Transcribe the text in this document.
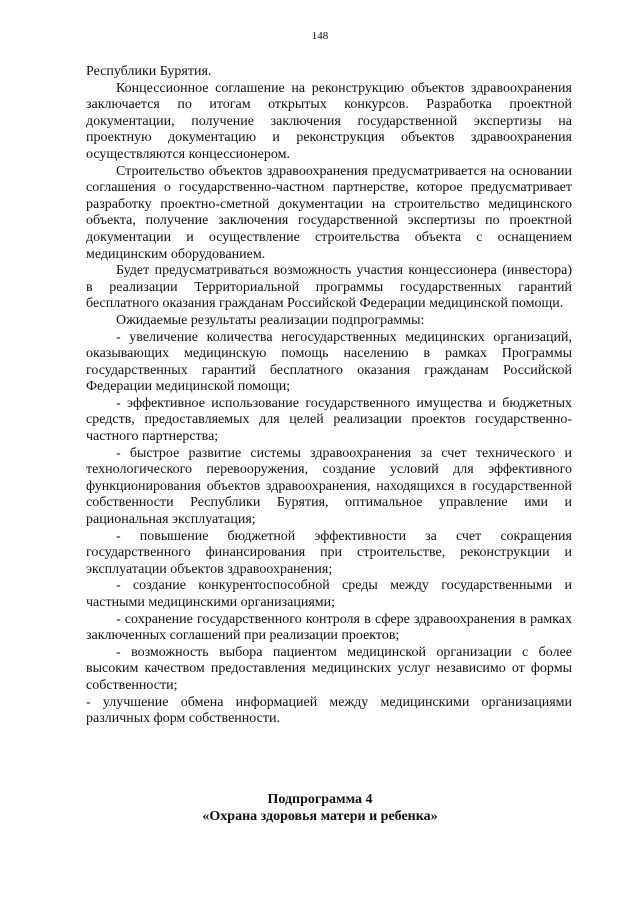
148

Республики Бурятия.

Концессионное соглашение на реконструкцию объектов здравоохранения заключается по итогам открытых конкурсов. Разработка проектной документации, получение заключения государственной экспертизы на проектную документацию и реконструкция объектов здравоохранения осуществляются концессионером.

Строительство объектов здравоохранения предусматривается на основании соглашения о государственно-частном партнерстве, которое предусматривает разработку проектно-сметной документации на строительство медицинского объекта, получение заключения государственной экспертизы по проектной документации и осуществление строительства объекта с оснащением медицинским оборудованием.

Будет предусматриваться возможность участия концессионера (инвестора) в реализации Территориальной программы государственных гарантий бесплатного оказания гражданам Российской Федерации медицинской помощи.

Ожидаемые результаты реализации подпрограммы:

- увеличение количества негосударственных медицинских организаций, оказывающих медицинскую помощь населению в рамках Программы государственных гарантий бесплатного оказания гражданам Российской Федерации медицинской помощи;

- эффективное использование государственного имущества и бюджетных средств, предоставляемых для целей реализации проектов государственно-частного партнерства;

- быстрое развитие системы здравоохранения за счет технического и технологического перевооружения, создание условий для эффективного функционирования объектов здравоохранения, находящихся в государственной собственности Республики Бурятия, оптимальное управление ими и рациональная эксплуатация;

- повышение бюджетной эффективности за счет сокращения государственного финансирования при строительстве, реконструкции и эксплуатации объектов здравоохранения;

- создание конкурентоспособной среды между государственными и частными медицинскими организациями;

- сохранение государственного контроля в сфере здравоохранения в рамках заключенных соглашений при реализации проектов;

- возможность выбора пациентом медицинской организации с более высоким качеством предоставления медицинских услуг независимо от формы собственности;

- улучшение обмена информацией между медицинскими организациями различных форм собственности.

Подпрограмма 4
«Охрана здоровья матери и ребенка»
